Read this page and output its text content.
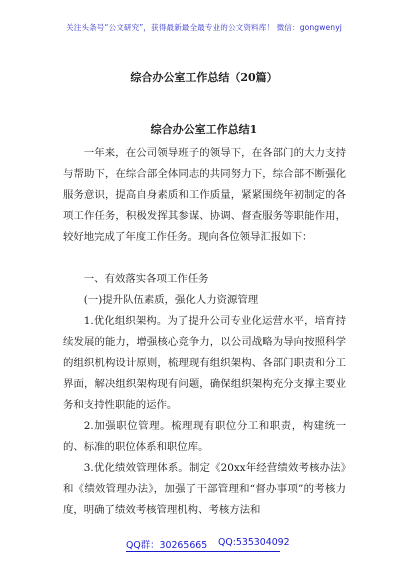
关注头条号“公文研究”，获得最新最全最专业的公文资料库！ 微信：gongwenyj
综合办公室工作总结（20篇）
综合办公室工作总结1

一年来，在公司领导班子的领导下，在各部门的大力支持与帮助下，在综合部全体同志的共同努力下，综合部不断强化服务意识，提高自身素质和工作质量，紧紧围绕年初制定的各项工作任务，积极发挥其参谋、协调、督查服务等职能作用，较好地完成了年度工作任务。现向各位领导汇报如下：

一、有效落实各项工作任务

(一)提升队伍素质，强化人力资源管理

1.优化组织架构。为了提升公司专业化运营水平，培育持续发展的能力，增强核心竞争力，以公司战略为导向按照科学的组织机构设计原则，梳理现有组织架构、各部门职责和分工界面，解决组织架构现有问题，确保组织架构充分支撑主要业务和支持性职能的运作。

2.加强职位管理。梳理现有职位分工和职责，构建统一的、标准的职位体系和职位库。

3.优化绩效管理体系。制定《20xx年经营绩效考核办法》和《绩效管理办法》，加强了干部管理和“督办事项”的考核力度，明确了绩效考核管理机构、考核方法和

QQ群：30265665 QQ:535304092
